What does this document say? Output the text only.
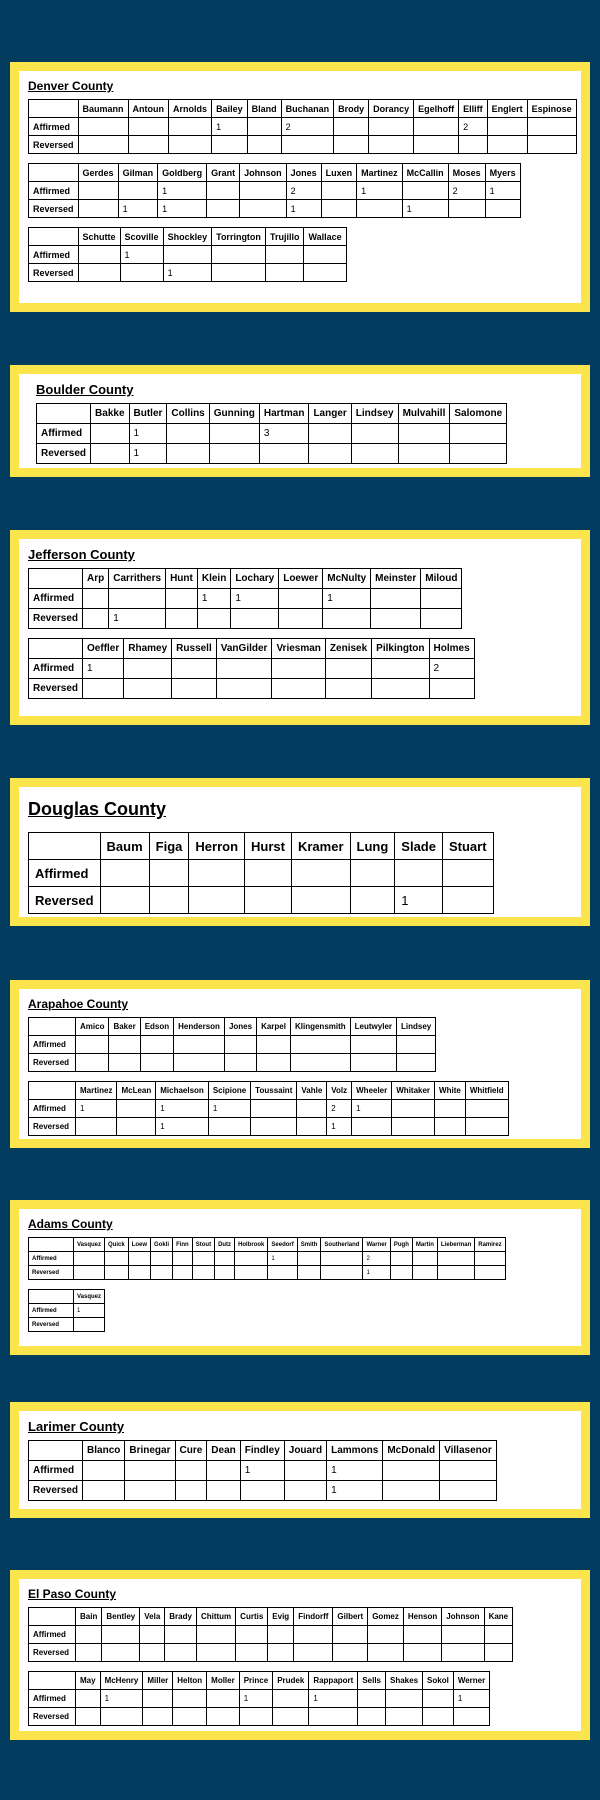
Denver County
	Baumann	Antoun	Arnolds	Bailey	Bland	Buchanan	Brody	Dorancy	Egelhoff	Elliff	Englert	Espinose
Affirmed				1		2				2		
Reversed												
	Gerdes	Gilman	Goldberg	Grant	Johnson	Jones	Luxen	Martinez	McCallin	Moses	Myers
Affirmed			1			2		1		2	1
Reversed		1	1			1			1		
	Schutte	Scoville	Shockley	Torrington	Trujillo	Wallace
Affirmed		1				
Reversed			1			
Boulder County
	Bakke	Butler	Collins	Gunning	Hartman	Langer	Lindsey	Mulvahill	Salomone
Affirmed		1			3				
Reversed		1							
Jefferson County
	Arp	Carrithers	Hunt	Klein	Lochary	Loewer	McNulty	Meinster	Miloud
Affirmed				1	1		1		
Reversed		1							
	Oeffler	Rhamey	Russell	VanGilder	Vriesman	Zenisek	Pilkington	Holmes
Affirmed	1							2
Reversed								
Douglas County
	Baum	Figa	Herron	Hurst	Kramer	Lung	Slade	Stuart
Affirmed								
Reversed							1	
Arapahoe County
	Amico	Baker	Edson	Henderson	Jones	Karpel	Klingensmith	Leutwyler	Lindsey
Affirmed									
Reversed									
	Martinez	McLean	Michaelson	Scipione	Toussaint	Vahle	Volz	Wheeler	Whitaker	White	Whitfield
Affirmed	1		1	1			2	1			
Reversed			1				1				
Adams County
	Vasquez	Quick	Loew	Gokli	Finn	Stout	Dutz	Holbrook	Seedorf	Smith	Southerland	Warner	Pugh	Martin	Lieberman	Ramirez
Affirmed									1			2				
Reversed												1				
	Vasquez
Affirmed	1
Reversed	
Larimer County
	Blanco	Brinegar	Cure	Dean	Findley	Jouard	Lammons	McDonald	Villasenor
Affirmed					1		1		
Reversed							1		
El Paso County
	Bain	Bentley	Vela	Brady	Chittum	Curtis	Evig	Findorff	Gilbert	Gomez	Henson	Johnson	Kane
Affirmed													
Reversed													
	May	McHenry	Miller	Helton	Moller	Prince	Prudek	Rappaport	Sells	Shakes	Sokol	Werner
Affirmed		1				1		1				1
Reversed												
